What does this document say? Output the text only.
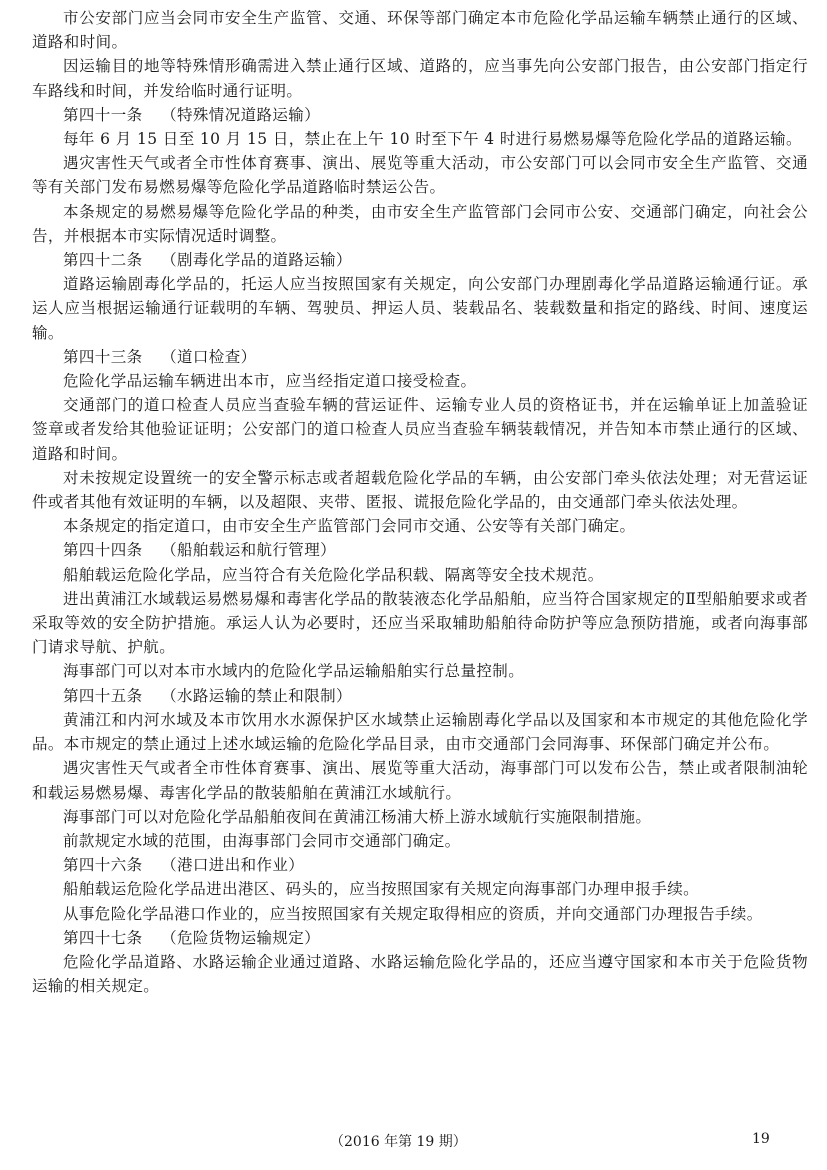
市公安部门应当会同市安全生产监管、交通、环保等部门确定本市危险化学品运输车辆禁止通行的区域、道路和时间。

因运输目的地等特殊情形确需进入禁止通行区域、道路的，应当事先向公安部门报告，由公安部门指定行车路线和时间，并发给临时通行证明。

第四十一条 （特殊情况道路运输）

每年 6 月 15 日至 10 月 15 日，禁止在上午 10 时至下午 4 时进行易燃易爆等危险化学品的道路运输。

遇灾害性天气或者全市性体育赛事、演出、展览等重大活动，市公安部门可以会同市安全生产监管、交通等有关部门发布易燃易爆等危险化学品道路临时禁运公告。

本条规定的易燃易爆等危险化学品的种类，由市安全生产监管部门会同市公安、交通部门确定，向社会公告，并根据本市实际情况适时调整。

第四十二条 （剧毒化学品的道路运输）

道路运输剧毒化学品的，托运人应当按照国家有关规定，向公安部门办理剧毒化学品道路运输通行证。承运人应当根据运输通行证载明的车辆、驾驶员、押运人员、装载品名、装载数量和指定的路线、时间、速度运输。

第四十三条 （道口检查）

危险化学品运输车辆进出本市，应当经指定道口接受检查。

交通部门的道口检查人员应当查验车辆的营运证件、运输专业人员的资格证书，并在运输单证上加盖验证签章或者发给其他验证证明；公安部门的道口检查人员应当查验车辆装载情况，并告知本市禁止通行的区域、道路和时间。

对未按规定设置统一的安全警示标志或者超载危险化学品的车辆，由公安部门牵头依法处理；对无营运证件或者其他有效证明的车辆，以及超限、夹带、匿报、谎报危险化学品的，由交通部门牵头依法处理。

本条规定的指定道口，由市安全生产监管部门会同市交通、公安等有关部门确定。

第四十四条 （船舶载运和航行管理）

船舶载运危险化学品，应当符合有关危险化学品积载、隔离等安全技术规范。

进出黄浦江水域载运易燃易爆和毒害化学品的散装液态化学品船舶，应当符合国家规定的Ⅱ型船舶要求或者采取等效的安全防护措施。承运人认为必要时，还应当采取辅助船舶待命防护等应急预防措施，或者向海事部门请求导航、护航。

海事部门可以对本市水域内的危险化学品运输船舶实行总量控制。

第四十五条 （水路运输的禁止和限制）

黄浦江和内河水域及本市饮用水水源保护区水域禁止运输剧毒化学品以及国家和本市规定的其他危险化学品。本市规定的禁止通过上述水域运输的危险化学品目录，由市交通部门会同海事、环保部门确定并公布。

遇灾害性天气或者全市性体育赛事、演出、展览等重大活动，海事部门可以发布公告，禁止或者限制油轮和载运易燃易爆、毒害化学品的散装船舶在黄浦江水域航行。

海事部门可以对危险化学品船舶夜间在黄浦江杨浦大桥上游水域航行实施限制措施。

前款规定水域的范围，由海事部门会同市交通部门确定。

第四十六条 （港口进出和作业）

船舶载运危险化学品进出港区、码头的，应当按照国家有关规定向海事部门办理申报手续。

从事危险化学品港口作业的，应当按照国家有关规定取得相应的资质，并向交通部门办理报告手续。

第四十七条 （危险货物运输规定）

危险化学品道路、水路运输企业通过道路、水路运输危险化学品的，还应当遵守国家和本市关于危险货物运输的相关规定。

（2016 年第 19 期）	19
